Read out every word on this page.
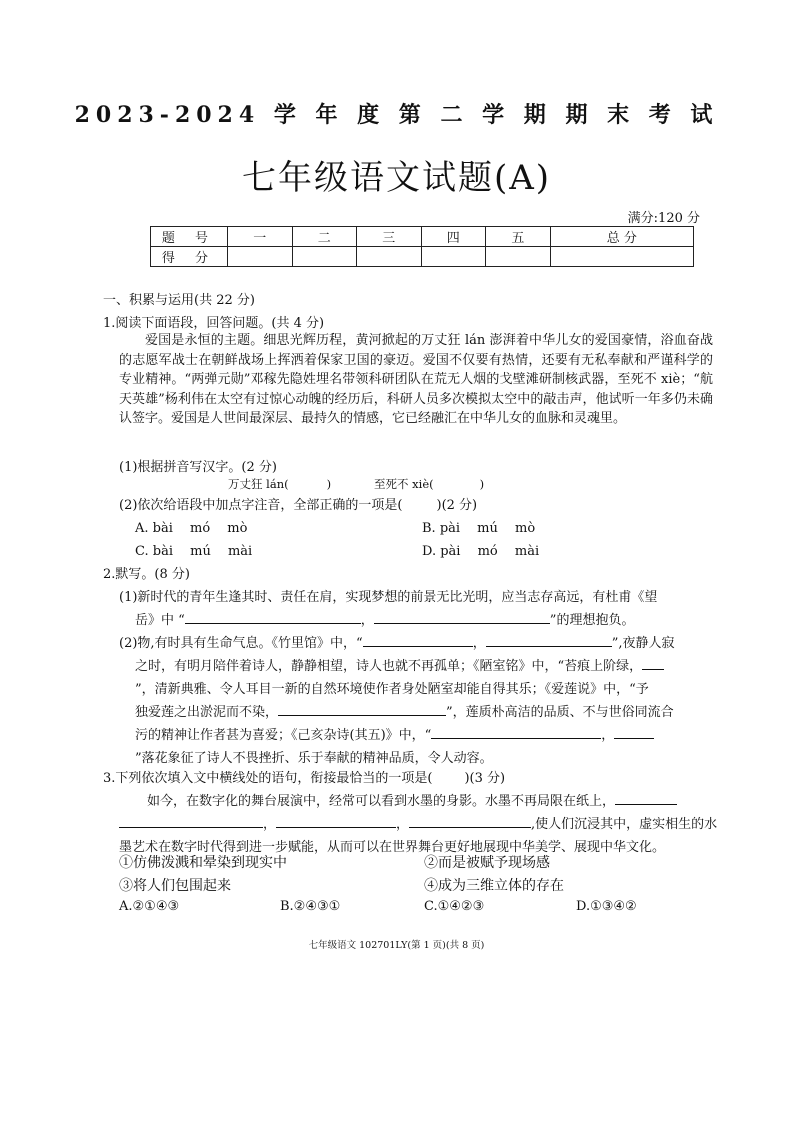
2023-2024 学 年 度 第 二 学 期 期 末 考 试
七年级语文试题(A)
满分:120 分
题 号	一	二	三	四	五	总 分
得 分						
一、积累与运用(共 22 分)
1.阅读下面语段，回答问题。(共 4 分)
爱国是永恒的主题。细思光辉历程，黄河掀起的万丈狂 lán 澎湃着中华儿女的爱国豪情，浴血奋战的志愿军战士在朝鲜战场上挥洒着保家卫国的豪迈。爱国不仅要有热情，还要有无私奉献和严谨科学的专业精神。“两弹元勋”邓稼先隐姓埋名带领科研团队在荒无人烟的戈壁滩研制核武器，至死不 xiè；“航天英雄”杨利伟在太空有过惊心动魄的经历后，科研人员多次模拟太空中的敲击声，他试听一年多仍未确认签字。爱国是人世间最深层、最持久的情感，它已经融汇在中华儿女的血脉和灵魂里。
(1)根据拼音写汉字。(2 分)
万丈狂 lán(	)	至死不 xiè(	)
(2)依次给语段中加点字注音，全部正确的一项是(	)(2 分)
A. bài　 mó　 mò	B. pài　 mú　 mò
C. bài　 mú　 mài	D. pài　 mó　 mài
2.默写。(8 分)
(1)新时代的青年生逢其时、责任在肩，实现梦想的前景无比光明，应当志存高远，有杜甫《望
岳》中 “	，	”的理想抱负。
(2)物,有时具有生命气息。《竹里馆》中，“	，	”,夜静人寂
之时，有明月陪伴着诗人，静静相望，诗人也就不再孤单；《陋室铭》中，“苔痕上阶绿，
”，清新典雅、令人耳目一新的自然环境使作者身处陋室却能自得其乐；《爱莲说》中，“予
独爱莲之出淤泥而不染，	”，莲质朴高洁的品质、不与世俗同流合
污的精神让作者甚为喜爱；《己亥杂诗(其五)》中，“	，
”落花象征了诗人不畏挫折、乐于奉献的精神品质，令人动容。
3.下列依次填入文中横线处的语句，衔接最恰当的一项是( )(3 分)
如今，在数字化的舞台展演中，经常可以看到水墨的身影。水墨不再局限在纸上，
，	，	,使人们沉浸其中，虚实相生的水
墨艺术在数字时代得到进一步赋能，从而可以在世界舞台更好地展现中华美学、展现中华文化。
①仿佛泼溅和晕染到现实中	②而是被赋予现场感
③将人们包围起来	④成为三维立体的存在
A.②①④③	B.②④③①	C.①④②③	D.①③④②
七年级语文 102701LY(第 1 页)(共 8 页)
